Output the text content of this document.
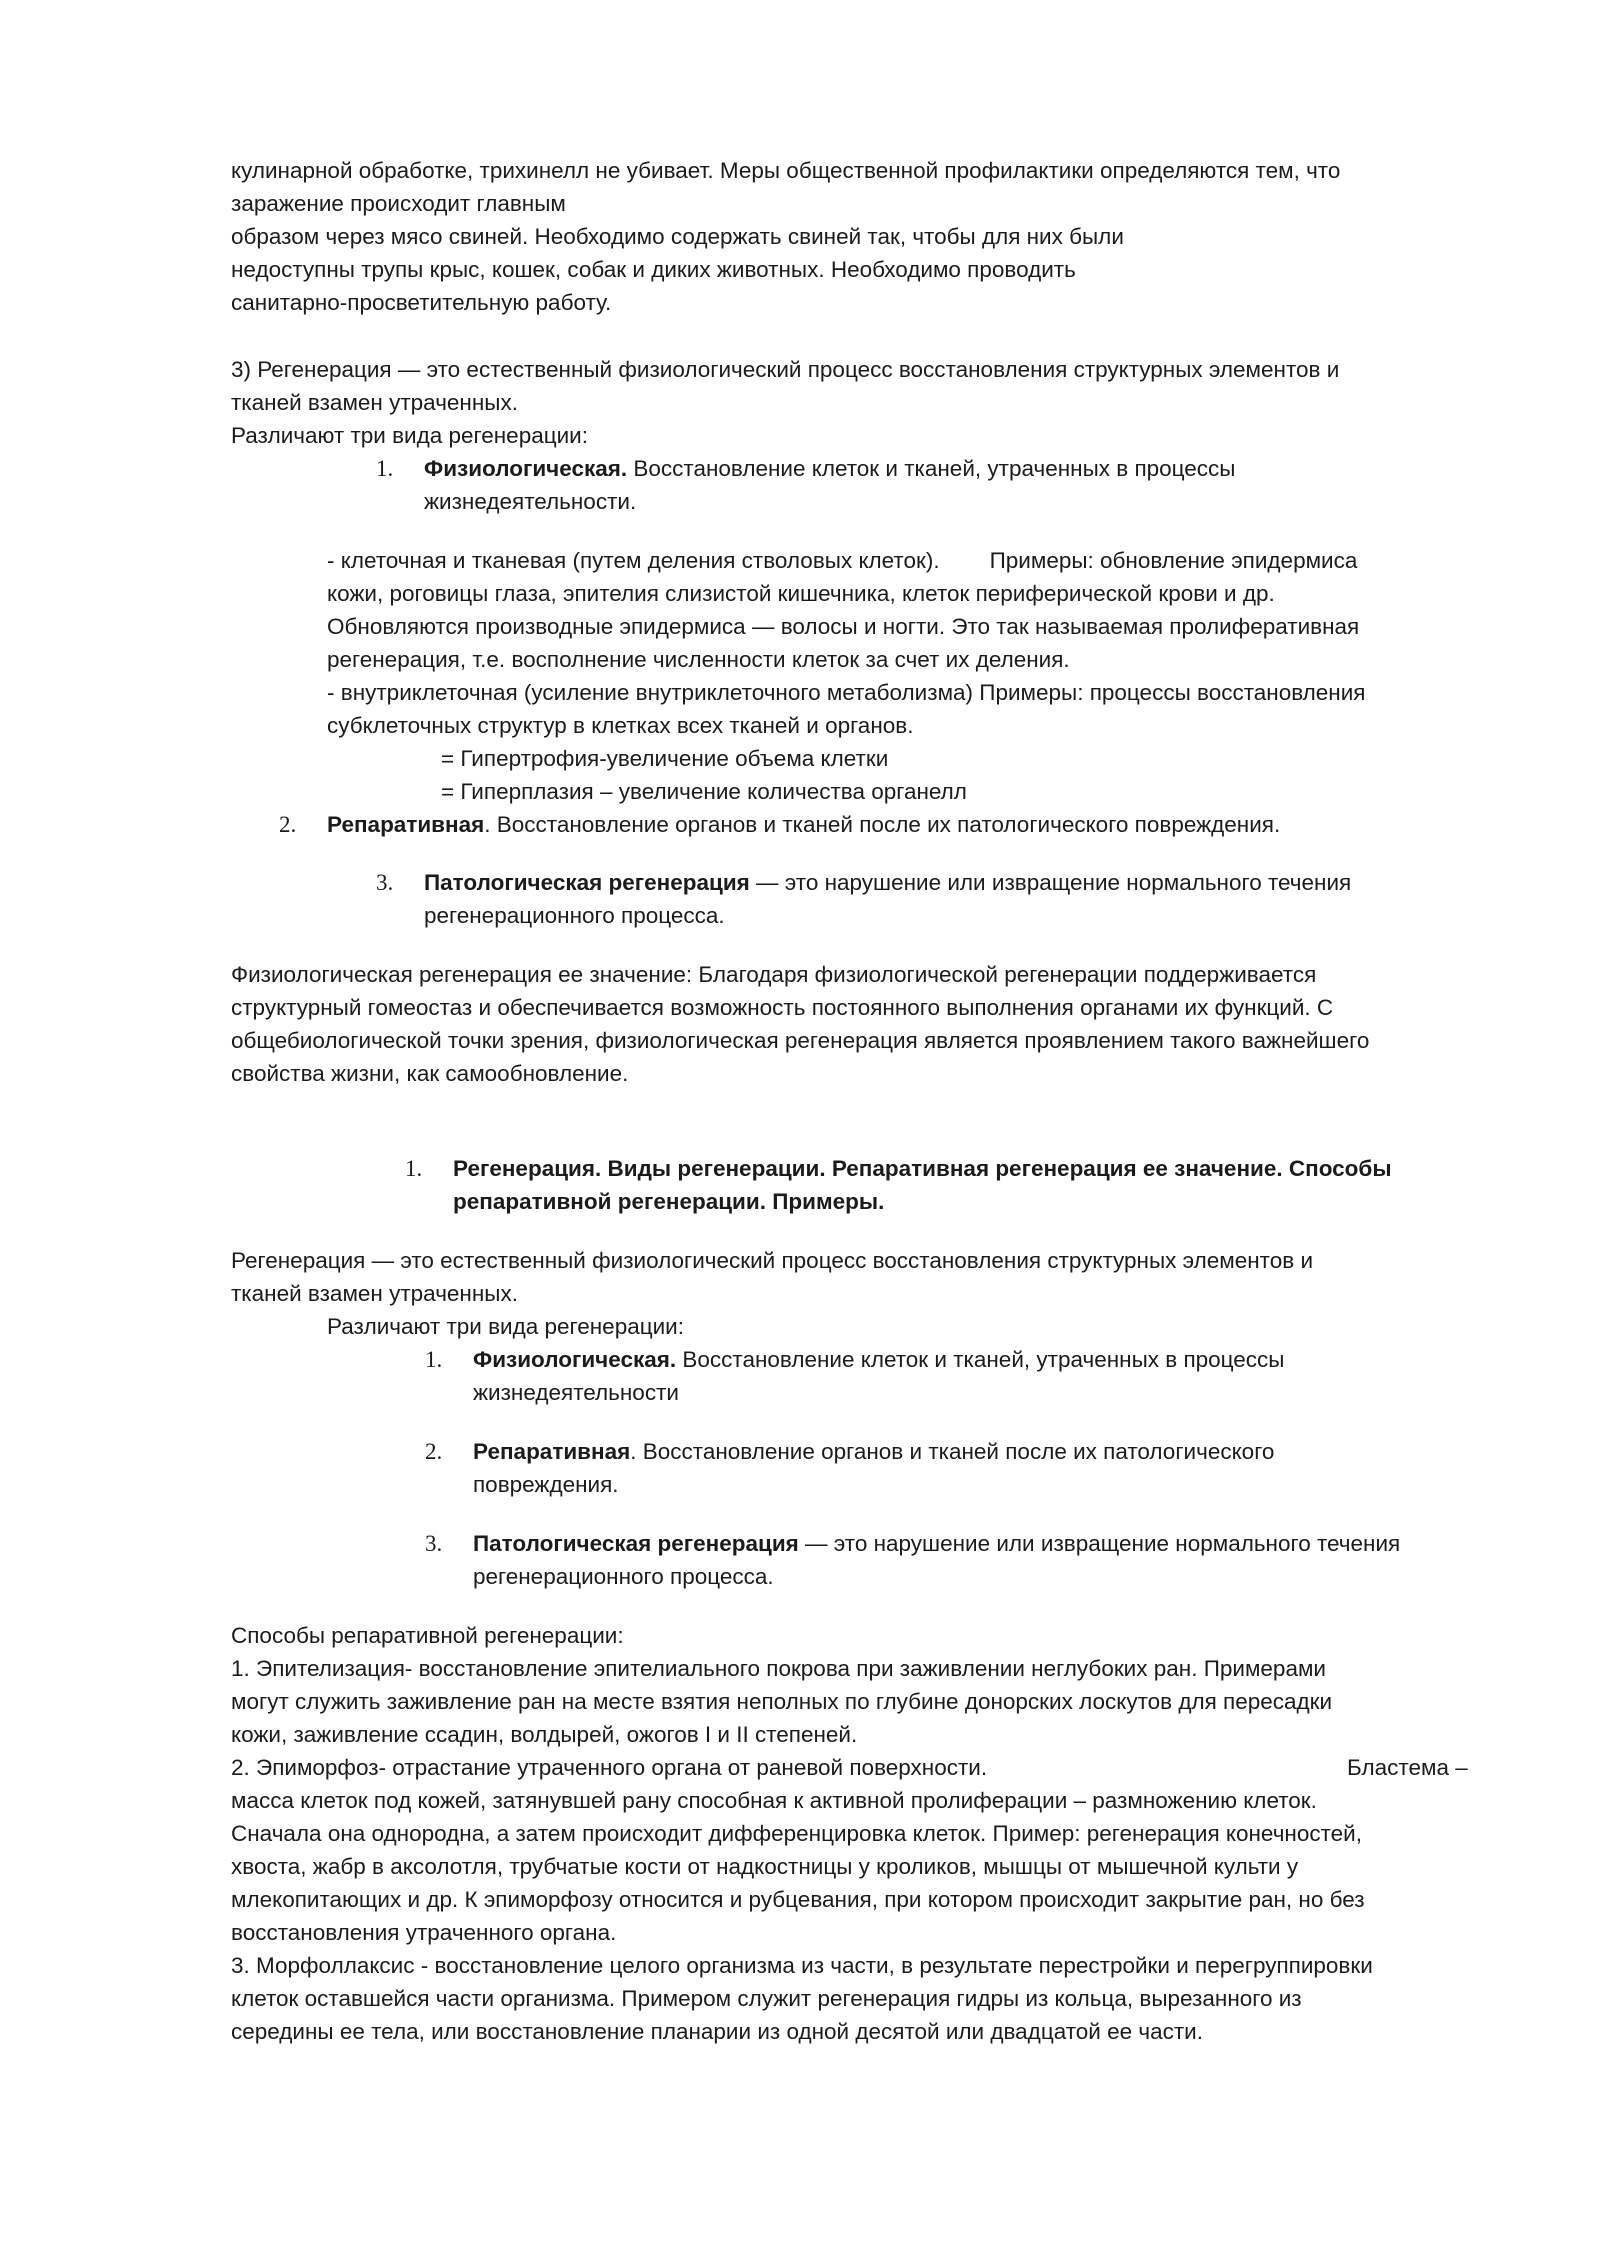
кулинарной обработке, трихинелл не убивает. Меры общественной профилактики определяются тем, что
заражение происходит главным
образом через мясо свиней. Необходимо содержать свиней так, чтобы для них были
недоступны трупы крыс, кошек, собак и диких животных. Необходимо проводить
санитарно-просветительную работу.
3) Регенерация — это естественный физиологический процесс восстановления структурных элементов и
тканей взамен утраченных.
Различают три вида регенерации:
1. Физиологическая. Восстановление клеток и тканей, утраченных в процессы
жизнедеятельности.
- клеточная и тканевая (путем деления стволовых клеток).        Примеры: обновление эпидермиса
кожи, роговицы глаза, эпителия слизистой кишечника, клеток периферической крови и др.
Обновляются производные эпидермиса — волосы и ногти. Это так называемая пролиферативная
регенерация, т.е. восполнение численности клеток за счет их деления.
- внутриклеточная (усиление внутриклеточного метаболизма) Примеры: процессы восстановления
субклеточных структур в клетках всех тканей и органов.
= Гипертрофия-увеличение объема клетки
= Гиперплазия – увеличение количества органелл
2. Репаративная. Восстановление органов и тканей после их патологического повреждения.
3. Патологическая регенерация — это нарушение или извращение нормального течения
регенерационного процесса.
Физиологическая регенерация ее значение: Благодаря физиологической регенерации поддерживается
структурный гомеостаз и обеспечивается возможность постоянного выполнения органами их функций. С
общебиологической точки зрения, физиологическая регенерация является проявлением такого важнейшего
свойства жизни, как самообновление.
1. Регенерация. Виды регенерации. Репаративная регенерация ее значение. Способы
репаративной регенерации. Примеры.
Регенерация — это естественный физиологический процесс восстановления структурных элементов и
тканей взамен утраченных.
Различают три вида регенерации:
1. Физиологическая. Восстановление клеток и тканей, утраченных в процессы
жизнедеятельности
2. Репаративная. Восстановление органов и тканей после их патологического
повреждения.
3. Патологическая регенерация — это нарушение или извращение нормального течения
регенерационного процесса.
Способы репаративной регенерации:
1. Эпителизация- восстановление эпителиального покрова при заживлении неглубоких ран. Примерами
могут служить заживление ран на месте взятия неполных по глубине донорских лоскутов для пересадки
кожи, заживление ссадин, волдырей, ожогов I и II степеней.
2. Эпиморфоз- отрастание утраченного органа от раневой поверхности.	Бластема –
масса клеток под кожей, затянувшей рану способная к активной пролиферации – размножению клеток.
Сначала она однородна, а затем происходит дифференцировка клеток. Пример: регенерация конечностей,
хвоста, жабр в аксолотля, трубчатые кости от надкостницы у кроликов, мышцы от мышечной культи у
млекопитающих и др. К эпиморфозу относится и рубцевания, при котором происходит закрытие ран, но без
восстановления утраченного органа.
3. Морфоллаксис - восстановление целого организма из части, в результате перестройки и перегруппировки
клеток оставшейся части организма. Примером служит регенерация гидры из кольца, вырезанного из
середины ее тела, или восстановление планарии из одной десятой или двадцатой ее части.
